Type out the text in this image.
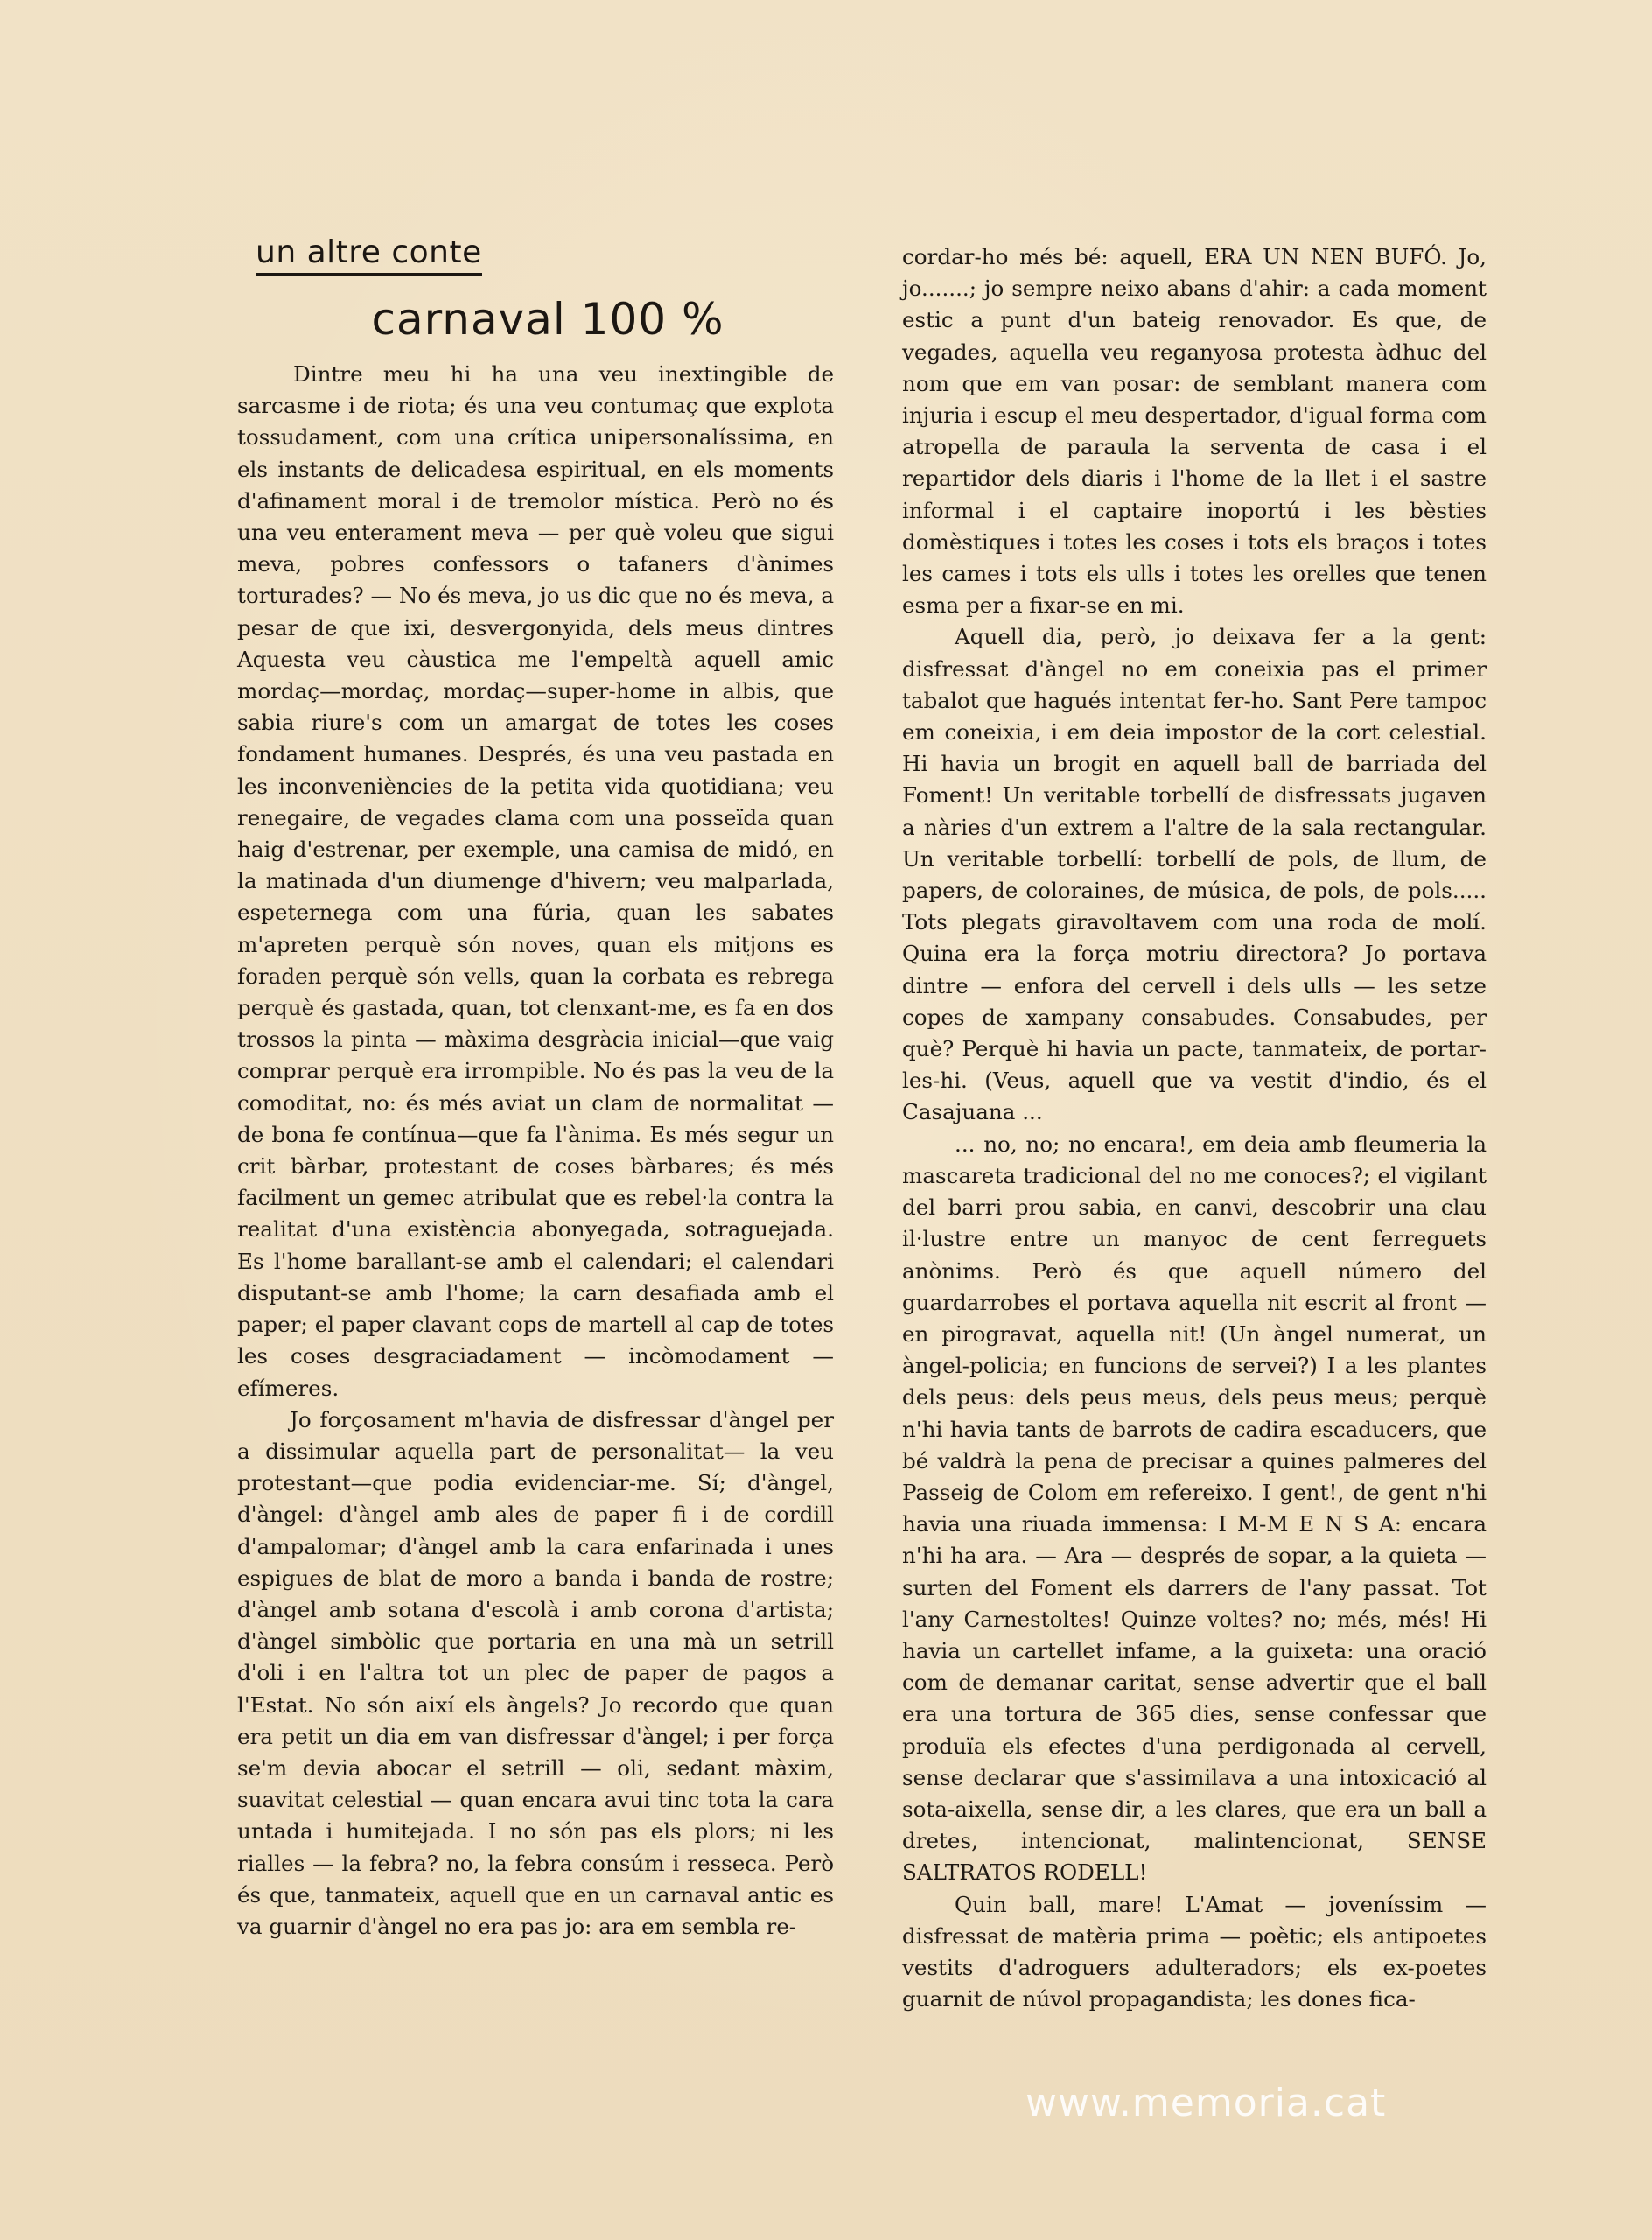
un altre conte
carnaval 100 %

Dintre meu hi ha una veu inextingible de sarcasme i de riota; és una veu contumaç que explota tossudament, com una crítica unipersonalíssima, en els instants de delicadesa espiritual, en els moments d'afinament moral i de tremolor mística. Però no és una veu enterament meva — per què voleu que sigui meva, pobres confessors o tafaners d'ànimes torturades? — No és meva, jo us dic que no és meva, a pesar de que ixi, desvergonyida, dels meus dintres Aquesta veu càustica me l'empeltà aquell amic mordaç—mordaç, mordaç—super-home in albis, que sabia riure's com un amargat de totes les coses fondament humanes. Després, és una veu pastada en les inconveniències de la petita vida quotidiana; veu renegaire, de vegades clama com una posseïda quan haig d'estrenar, per exemple, una camisa de midó, en la matinada d'un diumenge d'hivern; veu malparlada, espeternega com una fúria, quan les sabates m'apreten perquè són noves, quan els mitjons es foraden perquè són vells, quan la corbata es rebrega perquè és gastada, quan, tot clenxant-me, es fa en dos trossos la pinta — màxima desgràcia inicial—que vaig comprar perquè era irrompible. No és pas la veu de la comoditat, no: és més aviat un clam de normalitat — de bona fe contínua—que fa l'ànima. Es més segur un crit bàrbar, protestant de coses bàrbares; és més facilment un gemec atribulat que es rebel·la contra la realitat d'una existència abonyegada, sotraguejada. Es l'home barallant-se amb el calendari; el calendari disputant-se amb l'home; la carn desafiada amb el paper; el paper clavant cops de martell al cap de totes les coses desgraciadament — incòmodament — efímeres.

Jo forçosament m'havia de disfressar d'àngel per a dissimular aquella part de personalitat— la veu protestant—que podia evidenciar-me. Sí; d'àngel, d'àngel: d'àngel amb ales de paper fi i de cordill d'ampalomar; d'àngel amb la cara enfarinada i unes espigues de blat de moro a banda i banda de rostre; d'àngel amb sotana d'escolà i amb corona d'artista; d'àngel simbòlic que portaria en una mà un setrill d'oli i en l'altra tot un plec de paper de pagos a l'Estat. No són així els àngels? Jo recordo que quan era petit un dia em van disfressar d'àngel; i per força se'm devia abocar el setrill — oli, sedant màxim, suavitat celestial — quan encara avui tinc tota la cara untada i humitejada. I no són pas els plors; ni les rialles — la febra? no, la febra consúm i resseca. Però és que, tanmateix, aquell que en un carnaval antic es va guarnir d'àngel no era pas jo: ara em sembla re-

cordar-ho més bé: aquell, ERA UN NEN BUFÓ. Jo, jo.......; jo sempre neixo abans d'ahir: a cada moment estic a punt d'un bateig renovador. Es que, de vegades, aquella veu reganyosa protesta àdhuc del nom que em van posar: de semblant manera com injuria i escup el meu despertador, d'igual forma com atropella de paraula la serventa de casa i el repartidor dels diaris i l'home de la llet i el sastre informal i el captaire inoportú i les bèsties domèstiques i totes les coses i tots els braços i totes les cames i tots els ulls i totes les orelles que tenen esma per a fixar-se en mi.

Aquell dia, però, jo deixava fer a la gent: disfressat d'àngel no em coneixia pas el primer tabalot que hagués intentat fer-ho. Sant Pere tampoc em coneixia, i em deia impostor de la cort celestial. Hi havia un brogit en aquell ball de barriada del Foment! Un veritable torbellí de disfressats jugaven a nàries d'un extrem a l'altre de la sala rectangular. Un veritable torbellí: torbellí de pols, de llum, de papers, de coloraines, de música, de pols, de pols..... Tots plegats giravoltavem com una roda de molí. Quina era la força motriu directora? Jo portava dintre — enfora del cervell i dels ulls — les setze copes de xampany consabudes. Consabudes, per què? Perquè hi havia un pacte, tanmateix, de portar-les-hi. (Veus, aquell que va vestit d'indio, és el Casajuana ...

... no, no; no encara!, em deia amb fleumeria la mascareta tradicional del no me conoces?; el vigilant del barri prou sabia, en canvi, descobrir una clau il·lustre entre un manyoc de cent ferreguets anònims. Però és que aquell número del guardarrobes el portava aquella nit escrit al front — en pirogravat, aquella nit! (Un àngel numerat, un àngel-policia; en funcions de servei?) I a les plantes dels peus: dels peus meus, dels peus meus; perquè n'hi havia tants de barrots de cadira escaducers, que bé valdrà la pena de precisar a quines palmeres del Passeig de Colom em refereixo. I gent!, de gent n'hi havia una riuada immensa: I M-M E N S A: encara n'hi ha ara. — Ara — després de sopar, a la quieta — surten del Foment els darrers de l'any passat. Tot l'any Carnestoltes! Quinze voltes? no; més, més! Hi havia un cartellet infame, a la guixeta: una oració com de demanar caritat, sense advertir que el ball era una tortura de 365 dies, sense confessar que produïa els efectes d'una perdigonada al cervell, sense declarar que s'assimilava a una intoxicació al sota-aixella, sense dir, a les clares, que era un ball a dretes, intencionat, malintencionat, SENSE SALTRATOS RODELL!

Quin ball, mare! L'Amat — joveníssim — disfressat de matèria prima — poètic; els antipoetes vestits d'adroguers adulteradors; els ex-poetes guarnit de núvol propagandista; les dones fica-

www.memoria.cat
